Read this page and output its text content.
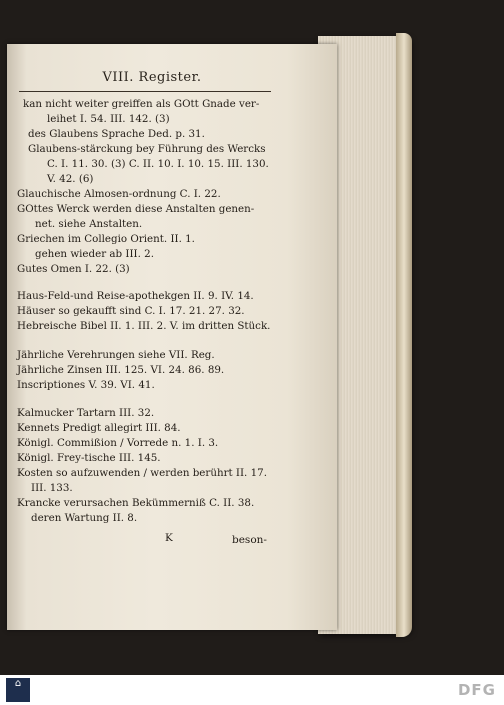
VIII. Register.
kan nicht weiter greiffen als GOtt Gnade ver-
leihet I. 54. III. 142. (3)
des Glaubens Sprache Ded. p. 31.
Glaubens-stärckung bey Führung des Wercks
C. I. 11. 30. (3) C. II. 10. I. 10. 15. III. 130.
V. 42. (6)
Glauchische Almosen-ordnung C. I. 22.
GOttes Werck werden diese Anstalten genen-
net. siehe Anstalten.
Griechen im Collegio Orient. II. 1.
gehen wieder ab III. 2.
Gutes Omen I. 22. (3)
Haus-Feld-und Reise-apothekgen II. 9. IV. 14.
Häuser so gekaufft sind C. I. 17. 21. 27. 32.
Hebreische Bibel II. 1. III. 2. V. im dritten Stück.
Jährliche Verehrungen siehe VII. Reg.
Jährliche Zinsen III. 125. VI. 24. 86. 89.
Inscriptiones V. 39. VI. 41.
Kalmucker Tartarn III. 32.
Kennets Predigt allegirt III. 84.
Königl. Commißion / Vorrede n. 1. I. 3.
Königl. Frey-tische III. 145.
Kosten so aufzuwenden / werden berührt II. 17.
III. 133.
Krancke verursachen Bekümmerniß C. II. 38.
deren Wartung II. 8.
K	beson-
⌂	DFG
